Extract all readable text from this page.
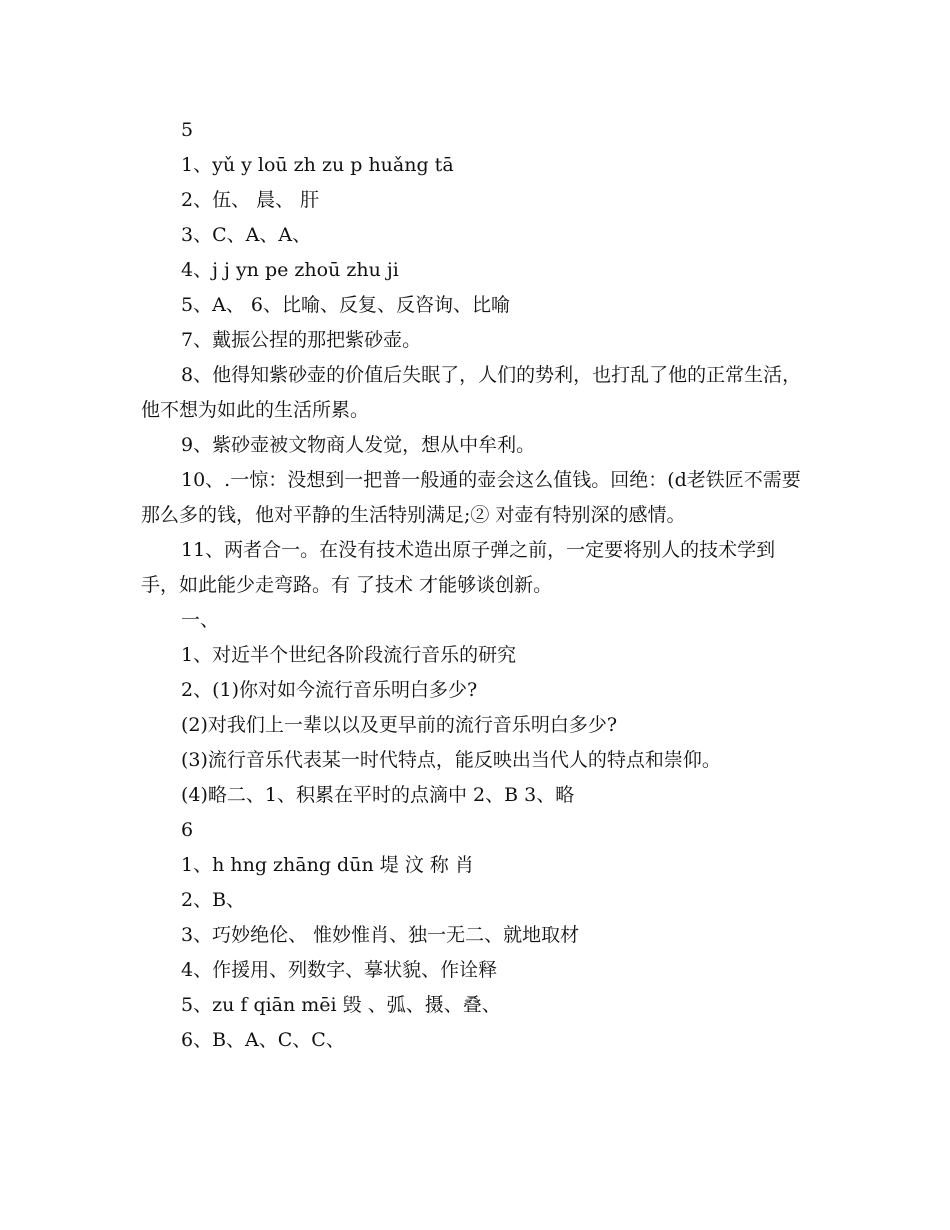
5

1、yǔ y loū zh zu p huǎng tā

2、伍、 晨、 肝

3、C、A、A、

4、j j yn pe zhoū zhu ji

5、A、 6、比喻、反复、反咨询、比喻

7、戴振公捏的那把紫砂壶。

8、他得知紫砂壶的价值后失眠了，人们的势利，也打乱了他的正常生活，他不想为如此的生活所累。

9、紫砂壶被文物商人发觉，想从中牟利。

10、.一惊：没想到一把普一般通的壶会这么值钱。回绝：(d老铁匠不需要那么多的钱，他对平静的生活特别满足;② 对壶有特别深的感情。

11、两者合一。在没有技术造出原子弹之前，一定要将别人的技术学到手，如此能少走弯路。有 了技术 才能够谈创新。

一、

1、对近半个世纪各阶段流行音乐的研究

2、(1)你对如今流行音乐明白多少?

(2)对我们上一辈以以及更早前的流行音乐明白多少?

(3)流行音乐代表某一时代特点，能反映出当代人的特点和崇仰。

(4)略二、1、积累在平时的点滴中 2、B 3、略

6

1、h hng zhāng dūn 堤 汶 称 肖

2、B、

3、巧妙绝伦、 惟妙惟肖、独一无二、就地取材

4、作援用、列数字、摹状貌、作诠释

5、zu f qiān mēi 毁 、弧、摄、叠、

6、B、A、C、C、
